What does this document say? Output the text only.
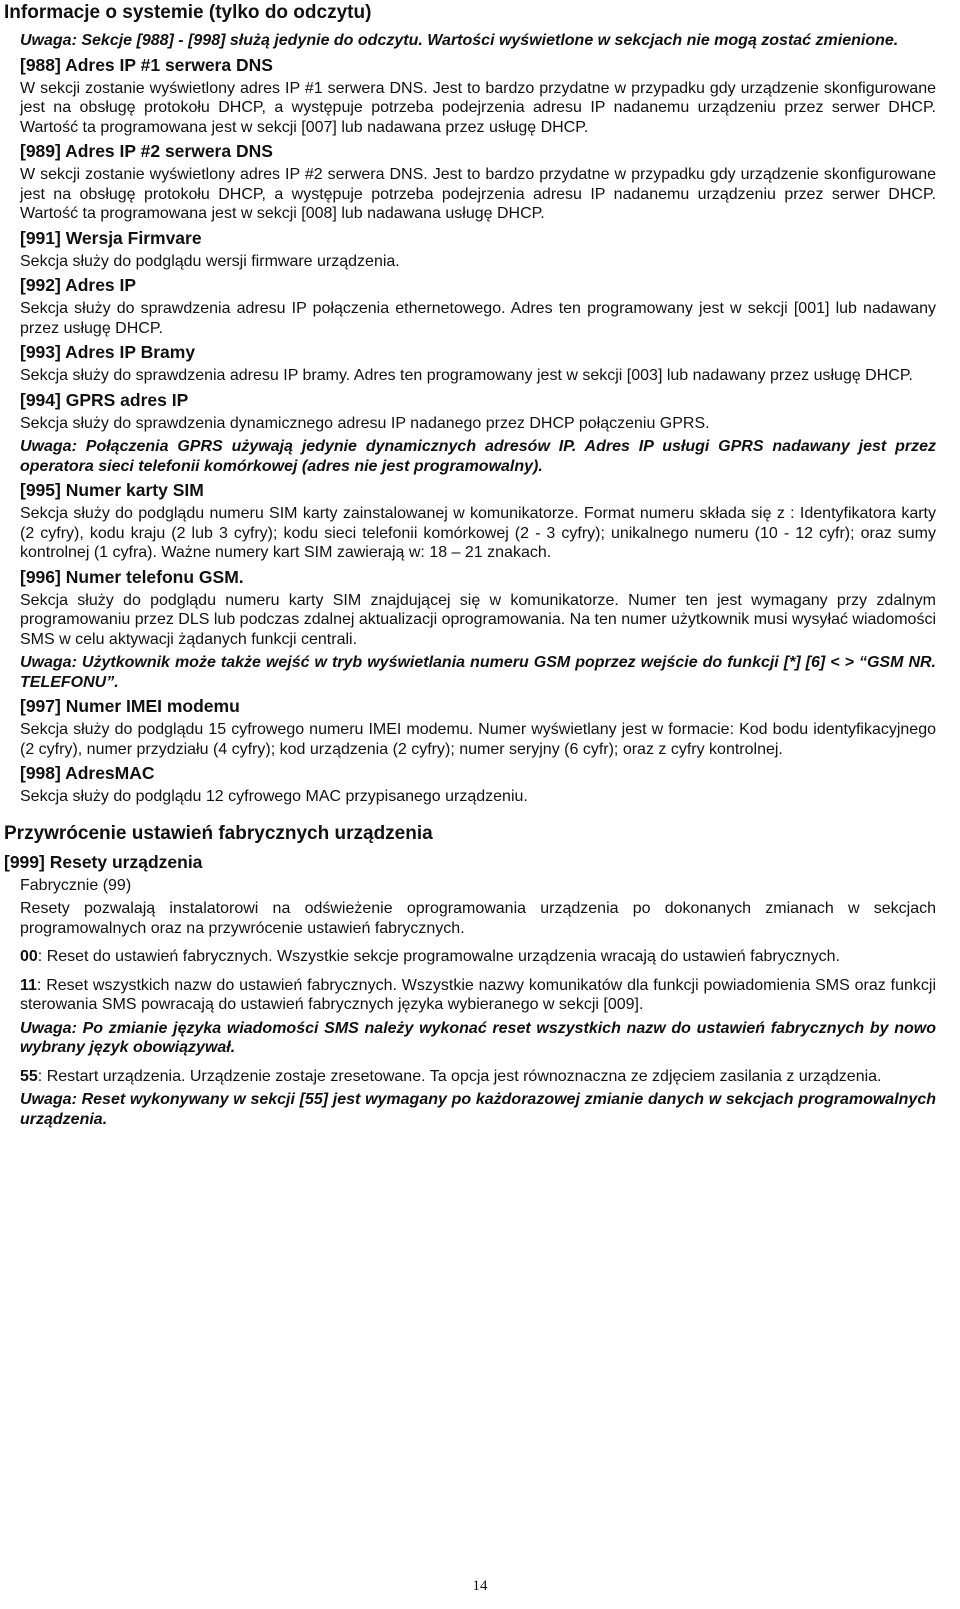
Informacje o systemie (tylko do odczytu)

Uwaga: Sekcje [988] - [998] służą jedynie do odczytu. Wartości wyświetlone w sekcjach nie mogą zostać zmienione.

[988] Adres IP #1 serwera DNS

W sekcji zostanie wyświetlony adres IP #1 serwera DNS. Jest to bardzo przydatne w przypadku gdy urządzenie skonfigurowane jest na obsługę protokołu DHCP, a występuje potrzeba podejrzenia adresu IP nadanemu urządzeniu przez serwer DHCP. Wartość ta programowana jest w sekcji [007] lub nadawana przez usługę DHCP.

[989] Adres IP #2 serwera DNS

W sekcji zostanie wyświetlony adres IP #2 serwera DNS. Jest to bardzo przydatne w przypadku gdy urządzenie skonfigurowane jest na obsługę protokołu DHCP, a występuje potrzeba podejrzenia adresu IP nadanemu urządzeniu przez serwer DHCP. Wartość ta programowana jest w sekcji [008] lub nadawana usługę DHCP.

[991] Wersja Firmvare

Sekcja służy do podglądu wersji firmware urządzenia.

[992] Adres IP

Sekcja służy do sprawdzenia adresu IP połączenia ethernetowego. Adres ten programowany jest w sekcji [001] lub nadawany przez usługę DHCP.

[993] Adres IP Bramy

Sekcja służy do sprawdzenia adresu IP bramy. Adres ten programowany jest w sekcji [003] lub nadawany przez usługę DHCP.

[994] GPRS adres IP

Sekcja służy do sprawdzenia dynamicznego adresu IP nadanego przez DHCP połączeniu GPRS.

Uwaga: Połączenia GPRS używają jedynie dynamicznych adresów IP. Adres IP usługi GPRS nadawany jest przez operatora sieci telefonii komórkowej (adres nie jest programowalny).

[995] Numer karty SIM

Sekcja służy do podglądu numeru SIM karty zainstalowanej w komunikatorze. Format numeru składa się z : Identyfikatora karty (2 cyfry), kodu kraju (2 lub 3 cyfry); kodu sieci telefonii komórkowej (2 - 3 cyfry); unikalnego numeru (10 - 12 cyfr); oraz sumy kontrolnej (1 cyfra). Ważne numery kart SIM zawierają w: 18 – 21 znakach.

[996] Numer telefonu GSM.

Sekcja służy do podglądu numeru karty SIM znajdującej się w komunikatorze. Numer ten jest wymagany przy zdalnym programowaniu przez DLS lub podczas zdalnej aktualizacji oprogramowania. Na ten numer użytkownik musi wysyłać wiadomości SMS w celu aktywacji żądanych funkcji centrali.

Uwaga: Użytkownik może także wejść w tryb wyświetlania numeru GSM poprzez wejście do funkcji [*] [6] < > “GSM NR. TELEFONU”.

[997] Numer IMEI modemu

Sekcja służy do podglądu 15 cyfrowego numeru IMEI modemu. Numer wyświetlany jest w formacie: Kod bodu identyfikacyjnego (2 cyfry), numer przydziału (4 cyfry); kod urządzenia (2 cyfry); numer seryjny (6 cyfr); oraz z cyfry kontrolnej.

[998] AdresMAC

Sekcja służy do podglądu 12 cyfrowego MAC przypisanego urządzeniu.

Przywrócenie ustawień fabrycznych urządzenia
[999] Resety urządzenia

Fabrycznie (99)

Resety pozwalają instalatorowi na odświeżenie oprogramowania urządzenia po dokonanych zmianach w sekcjach programowalnych oraz na przywrócenie ustawień fabrycznych.

00: Reset do ustawień fabrycznych. Wszystkie sekcje programowalne urządzenia wracają do ustawień fabrycznych.

11: Reset wszystkich nazw do ustawień fabrycznych. Wszystkie nazwy komunikatów dla funkcji powiadomienia SMS oraz funkcji sterowania SMS powracają do ustawień fabrycznych języka wybieranego w sekcji [009].

Uwaga: Po zmianie języka wiadomości SMS należy wykonać reset wszystkich nazw do ustawień fabrycznych by nowo wybrany język obowiązywał.

55: Restart urządzenia. Urządzenie zostaje zresetowane. Ta opcja jest równoznaczna ze zdjęciem zasilania z urządzenia.

Uwaga: Reset wykonywany w sekcji [55] jest wymagany po każdorazowej zmianie danych w sekcjach programowalnych urządzenia.

14
